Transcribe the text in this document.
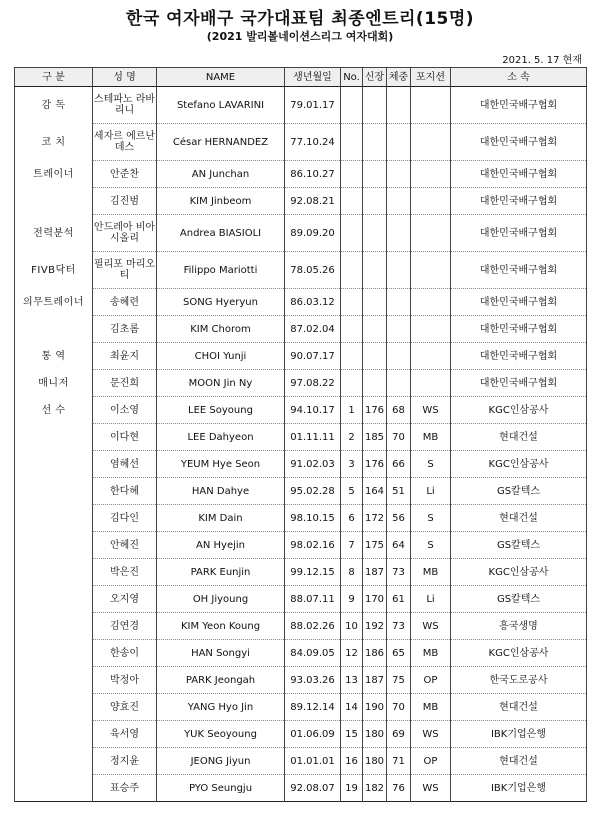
한국 여자배구 국가대표팀 최종엔트리(15명)
(2021 발리볼네이션스리그 여자대회)
2021. 5. 17 현재
구 분	성 명	NAME	생년월일	No.	신장	체중	포지션	소 속
감 독	스테파노 라바리니	Stefano LAVARINI	79.01.17					대한민국배구협회
코 치	세자르 에르난데스	César HERNANDEZ	77.10.24					대한민국배구협회
트레이너	안준찬	AN Junchan	86.10.27					대한민국배구협회
	김진범	KIM Jinbeom	92.08.21					대한민국배구협회
전력분석	안드레아 비아시올리	Andrea BIASIOLI	89.09.20					대한민국배구협회
FIVB닥터	필리포 마리오티	Filippo Mariotti	78.05.26					대한민국배구협회
의무트레이너	송혜련	SONG Hyeryun	86.03.12					대한민국배구협회
	김초롬	KIM Chorom	87.02.04					대한민국배구협회
통 역	최윤지	CHOI Yunji	90.07.17					대한민국배구협회
매니저	문진희	MOON Jin Ny	97.08.22					대한민국배구협회
선 수	이소영	LEE Soyoung	94.10.17	1	176	68	WS	KGC인삼공사
	이다현	LEE Dahyeon	01.11.11	2	185	70	MB	현대건설
	염혜선	YEUM Hye Seon	91.02.03	3	176	66	S	KGC인삼공사
	한다혜	HAN Dahye	95.02.28	5	164	51	Li	GS칼텍스
	김다인	KIM Dain	98.10.15	6	172	56	S	현대건설
	안혜진	AN Hyejin	98.02.16	7	175	64	S	GS칼텍스
	박은진	PARK Eunjin	99.12.15	8	187	73	MB	KGC인삼공사
	오지영	OH Jiyoung	88.07.11	9	170	61	Li	GS칼텍스
	김연경	KIM Yeon Koung	88.02.26	10	192	73	WS	흥국생명
	한송이	HAN Songyi	84.09.05	12	186	65	MB	KGC인삼공사
	박정아	PARK Jeongah	93.03.26	13	187	75	OP	한국도로공사
	양효진	YANG Hyo Jin	89.12.14	14	190	70	MB	현대건설
	육서영	YUK Seoyoung	01.06.09	15	180	69	WS	IBK기업은행
	정지윤	JEONG Jiyun	01.01.01	16	180	71	OP	현대건설
	표승주	PYO Seungju	92.08.07	19	182	76	WS	IBK기업은행
